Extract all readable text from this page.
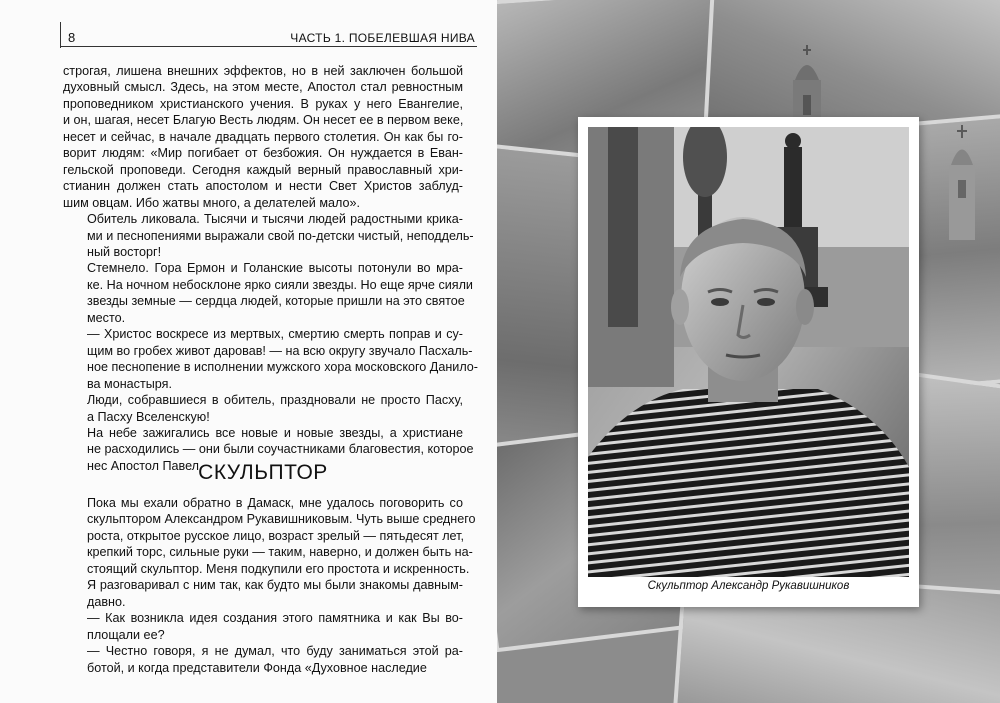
8	ЧАСТЬ 1. ПОБЕЛЕВШАЯ НИВА

строгая, лишена внешних эффектов, но в ней заключен большой
духовный смысл. Здесь, на этом месте, Апостол стал ревностным
проповедником христианского учения. В руках у него Евангелие,
и он, шагая, несет Благую Весть людям. Он несет ее в первом веке,
несет и сейчас, в начале двадцать первого столетия. Он как бы го-
ворит людям: «Мир погибает от безбожия. Он нуждается в Еван-
гельской проповеди. Сегодня каждый верный православный хри-
стианин должен стать апостолом и нести Свет Христов заблуд-
шим овцам. Ибо жатвы много, а делателей мало».

Обитель ликовала. Тысячи и тысячи людей радостными крика-
ми и песнопениями выражали свой по-детски чистый, неподдель-
ный восторг!

Стемнело. Гора Ермон и Голанские высоты потонули во мра-
ке. На ночном небосклоне ярко сияли звезды. Но еще ярче сияли
звезды земные — сердца людей, которые пришли на это святое
место.

— Христос воскресе из мертвых, смертию смерть поправ и су-
щим во гробех живот даровав! — на всю округу звучало Пасхаль-
ное песнопение в исполнении мужского хора московского Данило-
ва монастыря.

Люди, собравшиеся в обитель, праздновали не просто Пасху,
а Пасху Вселенскую!

На небе зажигались все новые и новые звезды, а христиане
не расходились — они были соучастниками благовестия, которое
нес Апостол Павел.

СКУЛЬПТОР

Пока мы ехали обратно в Дамаск, мне удалось поговорить со
скульптором Александром Рукавишниковым. Чуть выше среднего
роста, открытое русское лицо, возраст зрелый — пятьдесят лет,
крепкий торс, сильные руки — таким, наверно, и должен быть на-
стоящий скульптор. Меня подкупили его простота и искренность.
Я разговаривал с ним так, как будто мы были знакомы давным-
давно.

— Как возникла идея создания этого памятника и как Вы во-
площали ее?

— Честно говоря, я не думал, что буду заниматься этой ра-
ботой, и когда представители Фонда «Духовное наследие

Скульптор Александр Рукавишников
